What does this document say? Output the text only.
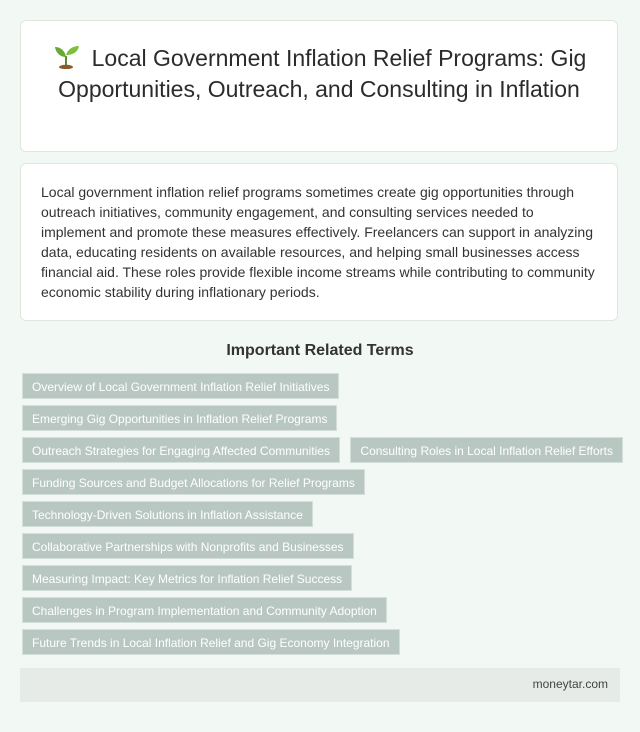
Local Government Inflation Relief Programs: Gig Opportunities, Outreach, and Consulting in Inflation

Local government inflation relief programs sometimes create gig opportunities through outreach initiatives, community engagement, and consulting services needed to implement and promote these measures effectively. Freelancers can support in analyzing data, educating residents on available resources, and helping small businesses access financial aid. These roles provide flexible income streams while contributing to community economic stability during inflationary periods.

Important Related Terms
Overview of Local Government Inflation Relief Initiatives
Emerging Gig Opportunities in Inflation Relief Programs
Outreach Strategies for Engaging Affected Communities	Consulting Roles in Local Inflation Relief Efforts
Funding Sources and Budget Allocations for Relief Programs
Technology-Driven Solutions in Inflation Assistance
Collaborative Partnerships with Nonprofits and Businesses
Measuring Impact: Key Metrics for Inflation Relief Success
Challenges in Program Implementation and Community Adoption
Future Trends in Local Inflation Relief and Gig Economy Integration
moneytar.com
